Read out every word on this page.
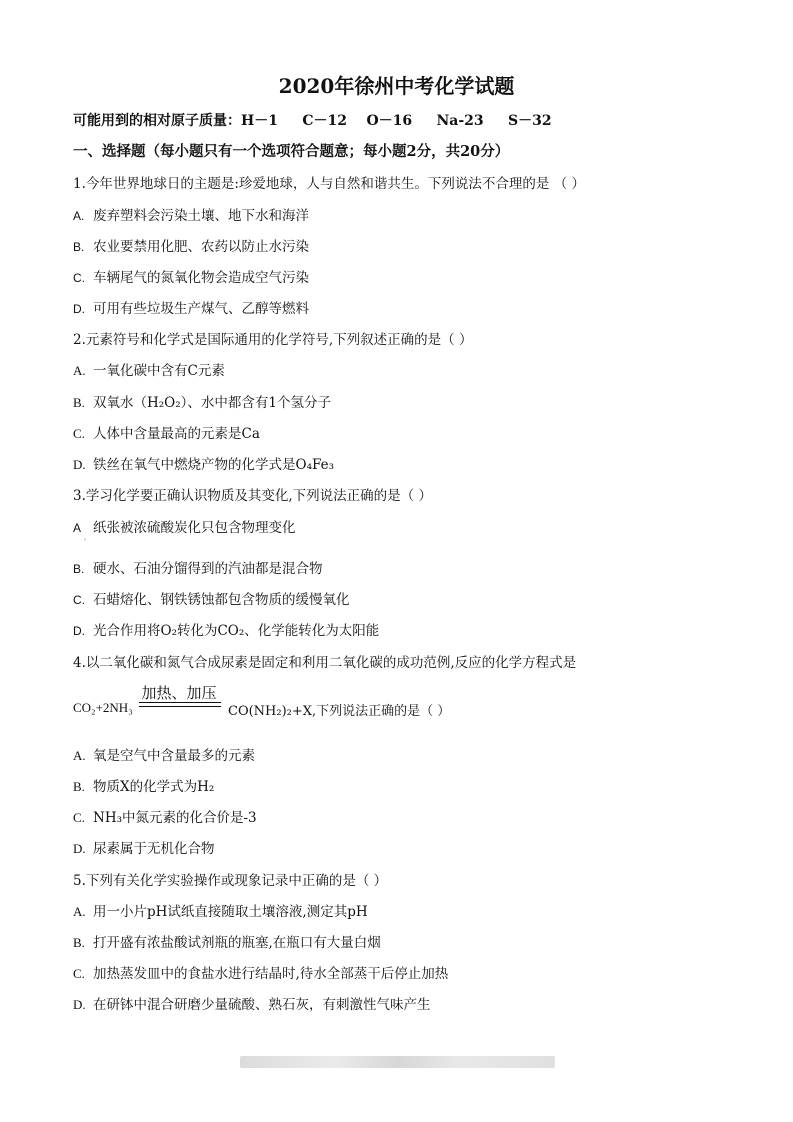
2020年徐州中考化学试题
可能用到的相对原子质量：H－1     C－12    O－16     Na-23     S－32
一、选择题（每小题只有一个选项符合题意；每小题2分，共20分）
1.今年世界地球日的主题是:珍爱地球，人与自然和谐共生。下列说法不合理的是 （ ）
A. 废弃塑料会污染土壤、地下水和海洋
B. 农业要禁用化肥、农药以防止水污染
C. 车辆尾气的氮氧化物会造成空气污染
D. 可用有些垃圾生产煤气、乙醇等燃料
2.元素符号和化学式是国际通用的化学符号,下列叙述正确的是（ ）
A. 一氧化碳中含有C元素
B. 双氧水（H₂O₂）、水中都含有1个氢分子
C. 人体中含量最高的元素是Ca
D. 铁丝在氧气中燃烧产物的化学式是O₄Fe₃
3.学习化学要正确认识物质及其变化,下列说法正确的是（ ）
A 纸张被浓硫酸炭化只包含物理变化
'
B. 硬水、石油分馏得到的汽油都是混合物
C. 石蜡熔化、钢铁锈蚀都包含物质的缓慢氧化
D. 光合作用将O₂转化为CO₂、化学能转化为太阳能
4.以二氧化碳和氮气合成尿素是固定和利用二氧化碳的成功范例,反应的化学方程式是
CO₂+2NH₃
加热、加压
CO(NH₂)₂+X,下列说法正确的是（ ）
A. 氧是空气中含量最多的元素
B. 物质X的化学式为H₂
C. NH₃中氮元素的化合价是-3
D. 尿素属于无机化合物
5.下列有关化学实验操作或现象记录中正确的是（ ）
A. 用一小片pH试纸直接随取土壤溶液,测定其pH
B. 打开盛有浓盐酸试剂瓶的瓶塞,在瓶口有大量白烟
C. 加热蒸发皿中的食盐水进行结晶时,待水全部蒸干后停止加热
D. 在研钵中混合研磨少量硫酸、熟石灰，有刺激性气味产生
